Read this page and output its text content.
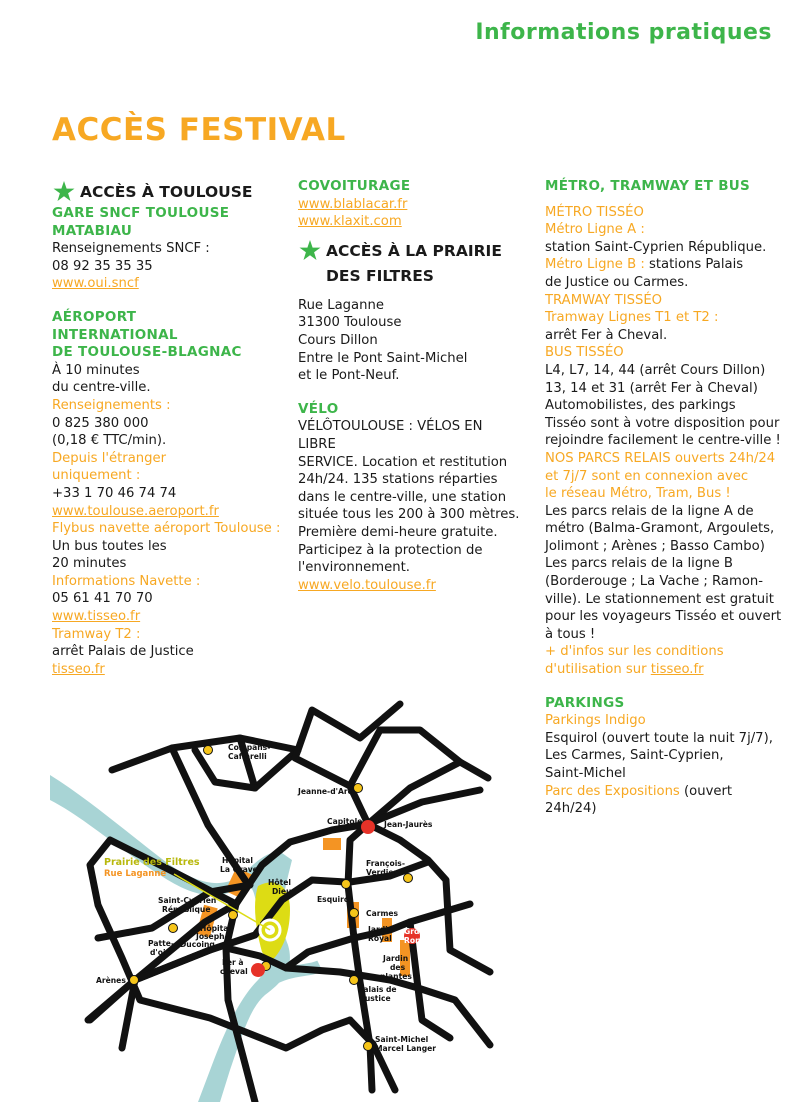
Informations pratiques
ACCÈS FESTIVAL
ACCÈS À TOULOUSE
GARE SNCF TOULOUSE MATABIAU
Renseignements SNCF :
08 92 35 35 35
www.oui.sncf
AÉROPORT
INTERNATIONAL
DE TOULOUSE-BLAGNAC
À 10 minutes
du centre-ville.
Renseignements :
0 825 380 000
(0,18 € TTC/min).
Depuis l'étranger
uniquement :
+33 1 70 46 74 74
www.toulouse.aeroport.fr
Flybus navette aéroport Toulouse :
Un bus toutes les
20 minutes
Informations Navette :
05 61 41 70 70
www.tisseo.fr
Tramway T2 :
arrêt Palais de Justice
tisseo.fr
COVOITURAGE
www.blablacar.fr
www.klaxit.com
ACCÈS À LA PRAIRIE
DES FILTRES
Rue Laganne
31300 Toulouse
Cours Dillon
Entre le Pont Saint-Michel
et le Pont-Neuf.
VÉLO
VÉLÔTOULOUSE : VÉLOS EN LIBRE
SERVICE. Location et restitution
24h/24. 135 stations réparties
dans le centre-ville, une station
située tous les 200 à 300 mètres.
Première demi-heure gratuite.
Participez à la protection de
l'environnement.
www.velo.toulouse.fr
MÉTRO, TRAMWAY ET BUS
MÉTRO TISSÉO
Métro Ligne A :
station Saint-Cyprien République.
Métro Ligne B : stations Palais
de Justice ou Carmes.
TRAMWAY TISSÉO
Tramway Lignes T1 et T2 :
arrêt Fer à Cheval.
BUS TISSÉO
L4, L7, 14, 44 (arrêt Cours Dillon)
13, 14 et 31 (arrêt Fer à Cheval)
Automobilistes, des parkings
Tisséo sont à votre disposition pour
rejoindre facilement le centre-ville !
NOS PARCS RELAIS ouverts 24h/24
et 7j/7 sont en connexion avec
le réseau Métro, Tram, Bus !
Les parcs relais de la ligne A de
métro (Balma-Gramont, Argoulets,
Jolimont ; Arènes ; Basso Cambo)
Les parcs relais de la ligne B
(Borderouge ; La Vache ; Ramon-
ville). Le stationnement est gratuit
pour les voyageurs Tisséo et ouvert
à tous !
+ d'infos sur les conditions
d'utilisation sur tisseo.fr
PARKINGS
Parkings Indigo
Esquirol (ouvert toute la nuit 7j/7),
Les Carmes, Saint-Cyprien,
Saint-Michel
Parc des Expositions (ouvert 24h/24)
Compans-Caffarelli
Jeanne-d'Arc
Capitole	Jean-Jaurès
François-Verdier
Esquirol
Carmes
Jardin Royal
Grd Rond
Jardin des plantes
Palais de Justice
Saint-Michel Marcel Langer
Fer à cheval
Arènes
Patte-d'oie
Hôpital Joseph-Ducoing
Saint-Cyprien République
Hôpital La Grave
Hôtel Dieu
Prairie des Filtres
Rue Laganne
